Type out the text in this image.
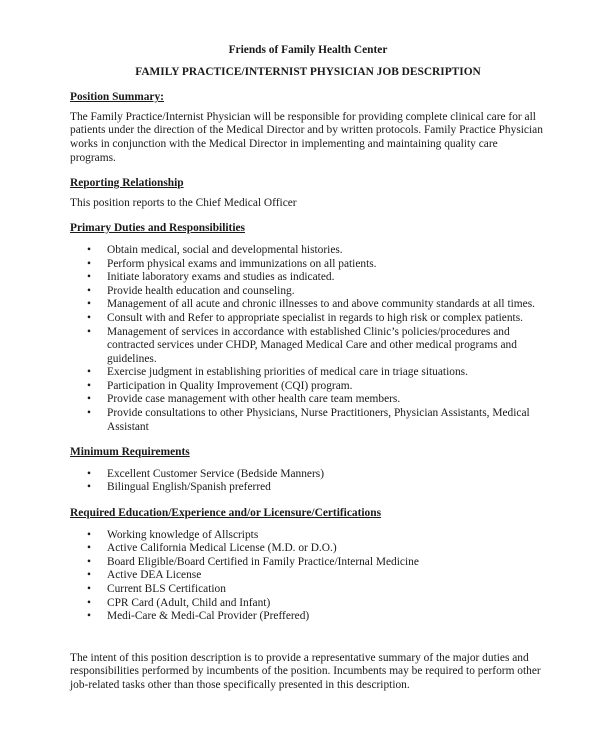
Friends of Family Health Center
FAMILY PRACTICE/INTERNIST PHYSICIAN JOB DESCRIPTION
Position Summary:

The Family Practice/Internist Physician will be responsible for providing complete clinical care for all patients under the direction of the Medical Director and by written protocols. Family Practice Physician works in conjunction with the Medical Director in implementing and maintaining quality care programs.

Reporting Relationship

This position reports to the Chief Medical Officer

Primary Duties and Responsibilities
• Obtain medical, social and developmental histories.
• Perform physical exams and immunizations on all patients.
• Initiate laboratory exams and studies as indicated.
• Provide health education and counseling.
• Management of all acute and chronic illnesses to and above community standards at all times.
• Consult with and Refer to appropriate specialist in regards to high risk or complex patients.
• Management of services in accordance with established Clinic’s policies/procedures and contracted services under CHDP, Managed Medical Care and other medical programs and guidelines.
• Exercise judgment in establishing priorities of medical care in triage situations.
• Participation in Quality Improvement (CQI) program.
• Provide case management with other health care team members.
• Provide consultations to other Physicians, Nurse Practitioners, Physician Assistants, Medical Assistant
Minimum Requirements
• Excellent Customer Service (Bedside Manners)
• Bilingual English/Spanish preferred
Required Education/Experience and/or Licensure/Certifications
• Working knowledge of Allscripts
• Active California Medical License (M.D. or D.O.)
• Board Eligible/Board Certified in Family Practice/Internal Medicine
• Active DEA License
• Current BLS Certification
• CPR Card (Adult, Child and Infant)
• Medi-Care & Medi-Cal Provider (Preffered)

The intent of this position description is to provide a representative summary of the major duties and responsibilities performed by incumbents of the position. Incumbents may be required to perform other job-related tasks other than those specifically presented in this description.
